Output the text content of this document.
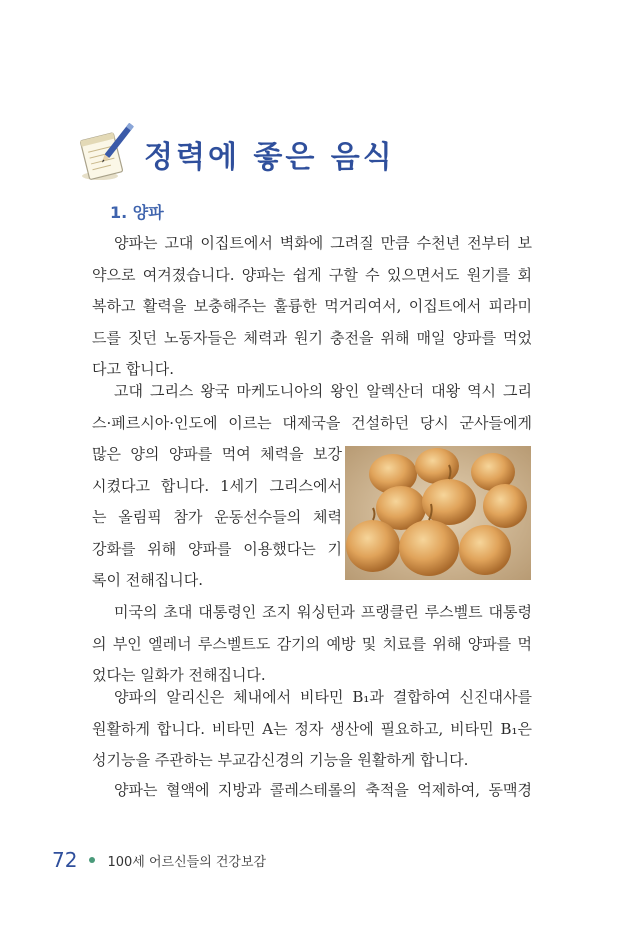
정력에 좋은 음식
1. 양파
양파는 고대 이집트에서 벽화에 그려질 만큼 수천년 전부터 보
약으로 여겨졌습니다. 양파는 쉽게 구할 수 있으면서도 원기를 회
복하고 활력을 보충해주는 훌륭한 먹거리여서, 이집트에서 피라미
드를 짓던 노동자들은 체력과 원기 충전을 위해 매일 양파를 먹었
다고 합니다.
고대 그리스 왕국 마케도니아의 왕인 알렉산더 대왕 역시 그리
스·페르시아·인도에 이르는 대제국을 건설하던 당시 군사들에게
많은 양의 양파를 먹여 체력을 보강
시켰다고 합니다. 1세기 그리스에서
는 올림픽 참가 운동선수들의 체력
강화를 위해 양파를 이용했다는 기
록이 전해집니다.
미국의 초대 대통령인 조지 워싱턴과 프랭클린 루스벨트 대통령
의 부인 엘레너 루스벨트도 감기의 예방 및 치료를 위해 양파를 먹
었다는 일화가 전해집니다.
양파의 알리신은 체내에서 비타민 B₁과 결합하여 신진대사를
원활하게 합니다. 비타민 A는 정자 생산에 필요하고, 비타민 B₁은
성기능을 주관하는 부교감신경의 기능을 원활하게 합니다.
양파는 혈액에 지방과 콜레스테롤의 축적을 억제하여, 동맥경
72 100세 어르신들의 건강보감
